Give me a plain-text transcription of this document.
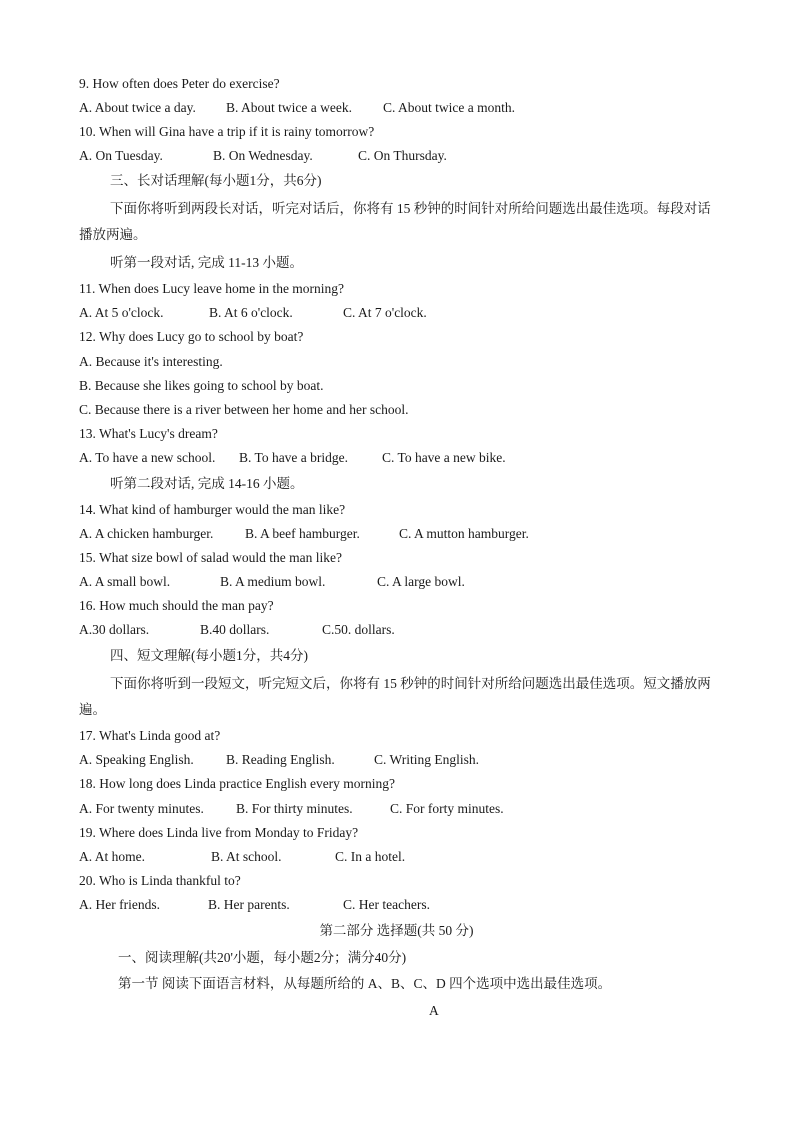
9. How often does Peter do exercise?
A. About twice a day. B. About twice a week. C. About twice a month.
10. When will Gina have a trip if it is rainy tomorrow?
A. On Tuesday.	B. On Wednesday.	C. On Thursday.
三、长对话理解(每小题1分，共6分)
下面你将听到两段长对话，听完对话后，你将有 15 秒钟的时间针对所给问题选出最佳选项。每段对话播放两遍。
听第一段对话, 完成 11-13 小题。
11. When does Lucy leave home in the morning?
A. At 5 o'clock.	B. At 6 o'clock.	C. At 7 o'clock.
12. Why does Lucy go to school by boat?
A. Because it's interesting.
B. Because she likes going to school by boat.
C. Because there is a river between her home and her school.
13. What's Lucy's dream?
A. To have a new school. B. To have a bridge.	C. To have a new bike.
听第二段对话, 完成 14-16 小题。
14. What kind of hamburger would the man like?
A. A chicken hamburger. B. A beef hamburger.	C. A mutton hamburger.
15. What size bowl of salad would the man like?
A. A small bowl.	B. A medium bowl.	C. A large bowl.
16. How much should the man pay?
A.30 dollars.	B.40 dollars.	C.50. dollars.
四、短文理解(每小题1分，共4分)
下面你将听到一段短文，听完短文后，你将有 15 秒钟的时间针对所给问题选出最佳选项。短文播放两遍。
17. What's Linda good at?
A. Speaking English. B. Reading English.	C. Writing English.
18. How long does Linda practice English every morning?
A. For twenty minutes. B. For thirty minutes.	C. For forty minutes.
19. Where does Linda live from Monday to Friday?
A. At home.	B. At school.	C. In a hotel.
20. Who is Linda thankful to?
A. Her friends.	B. Her parents.	C. Her teachers.
第二部分 选择题(共 50 分)
一、阅读理解(共20'小题，每小题2分；满分40分)
第一节 阅读下面语言材料，从每题所给的 A、B、C、D 四个选项中选出最佳选项。
A
